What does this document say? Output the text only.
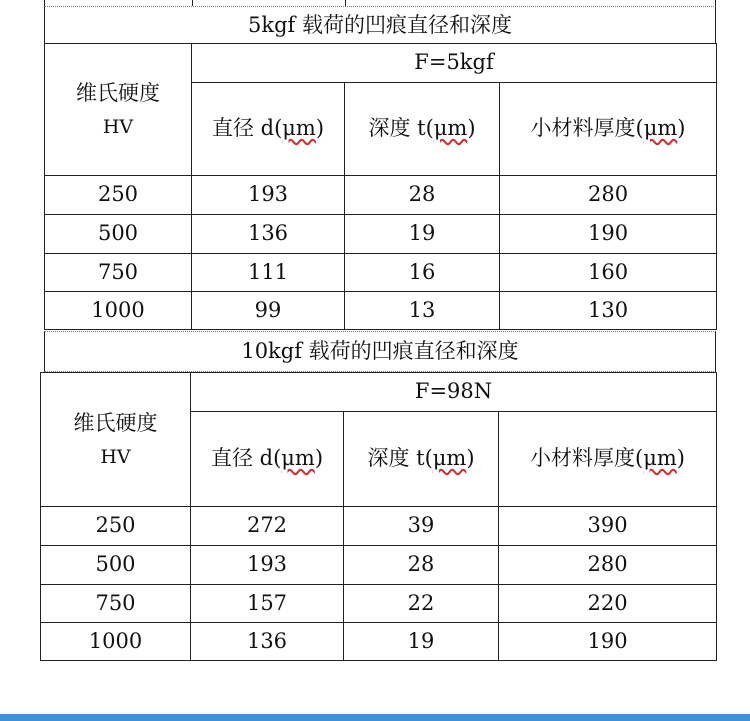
5kgf 载荷的凹痕直径和深度
维氏硬度
HV	F=5kgf		
	直径 d(μm)	深度 t(μm)	小材料厚度(μm)
250	193	28	280
500	136	19	190
750	111	16	160
1000	99	13	130
10kgf 载荷的凹痕直径和深度
维氏硬度
HV	F=98N		
	直径 d(μm)	深度 t(μm)	小材料厚度(μm)
250	272	39	390
500	193	28	280
750	157	22	220
1000	136	19	190
